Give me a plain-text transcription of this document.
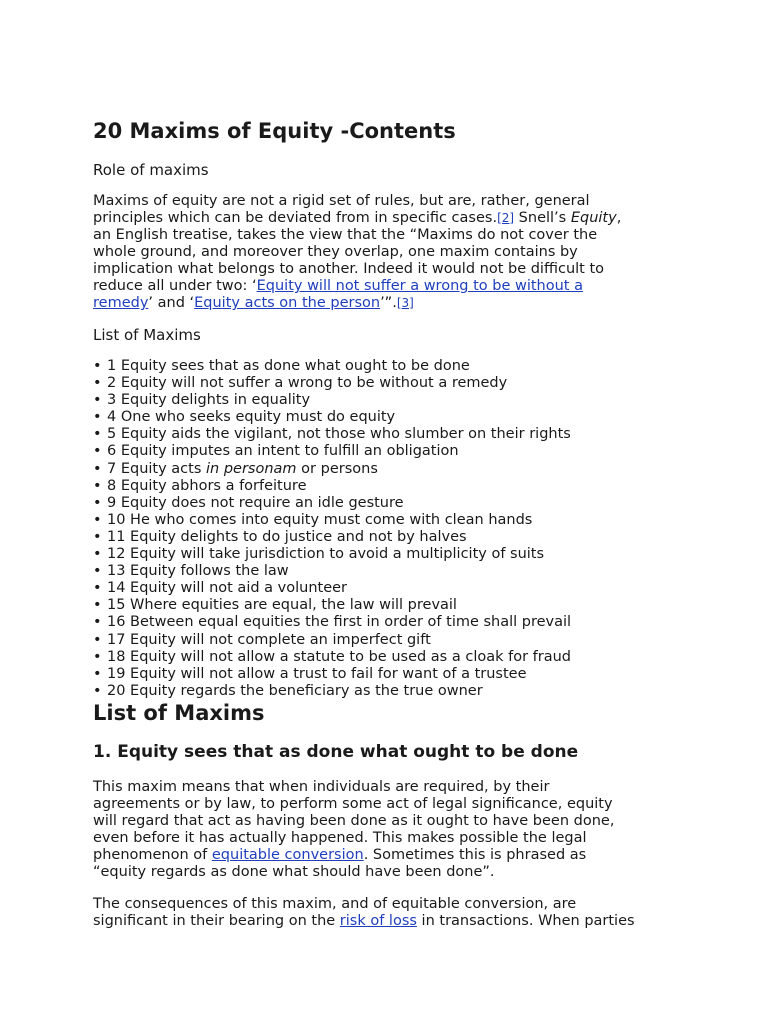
20 Maxims of Equity -Contents
Role of maxims
Maxims of equity are not a rigid set of rules, but are, rather, general
principles which can be deviated from in specific cases.[2] Snell’s Equity,
an English treatise, takes the view that the “Maxims do not cover the
whole ground, and moreover they overlap, one maxim contains by
implication what belongs to another. Indeed it would not be difficult to
reduce all under two: ‘Equity will not suffer a wrong to be without a
remedy’ and ‘Equity acts on the person’”.[3]
List of Maxims
• 1 Equity sees that as done what ought to be done
• 2 Equity will not suffer a wrong to be without a remedy
• 3 Equity delights in equality
• 4 One who seeks equity must do equity
• 5 Equity aids the vigilant, not those who slumber on their rights
• 6 Equity imputes an intent to fulfill an obligation
• 7 Equity acts in personam or persons
• 8 Equity abhors a forfeiture
• 9 Equity does not require an idle gesture
• 10 He who comes into equity must come with clean hands
• 11 Equity delights to do justice and not by halves
• 12 Equity will take jurisdiction to avoid a multiplicity of suits
• 13 Equity follows the law
• 14 Equity will not aid a volunteer
• 15 Where equities are equal, the law will prevail
• 16 Between equal equities the first in order of time shall prevail
• 17 Equity will not complete an imperfect gift
• 18 Equity will not allow a statute to be used as a cloak for fraud
• 19 Equity will not allow a trust to fail for want of a trustee
• 20 Equity regards the beneficiary as the true owner
List of Maxims
1. Equity sees that as done what ought to be done
This maxim means that when individuals are required, by their
agreements or by law, to perform some act of legal significance, equity
will regard that act as having been done as it ought to have been done,
even before it has actually happened. This makes possible the legal
phenomenon of equitable conversion. Sometimes this is phrased as
“equity regards as done what should have been done”.
The consequences of this maxim, and of equitable conversion, are
significant in their bearing on the risk of loss in transactions. When parties
